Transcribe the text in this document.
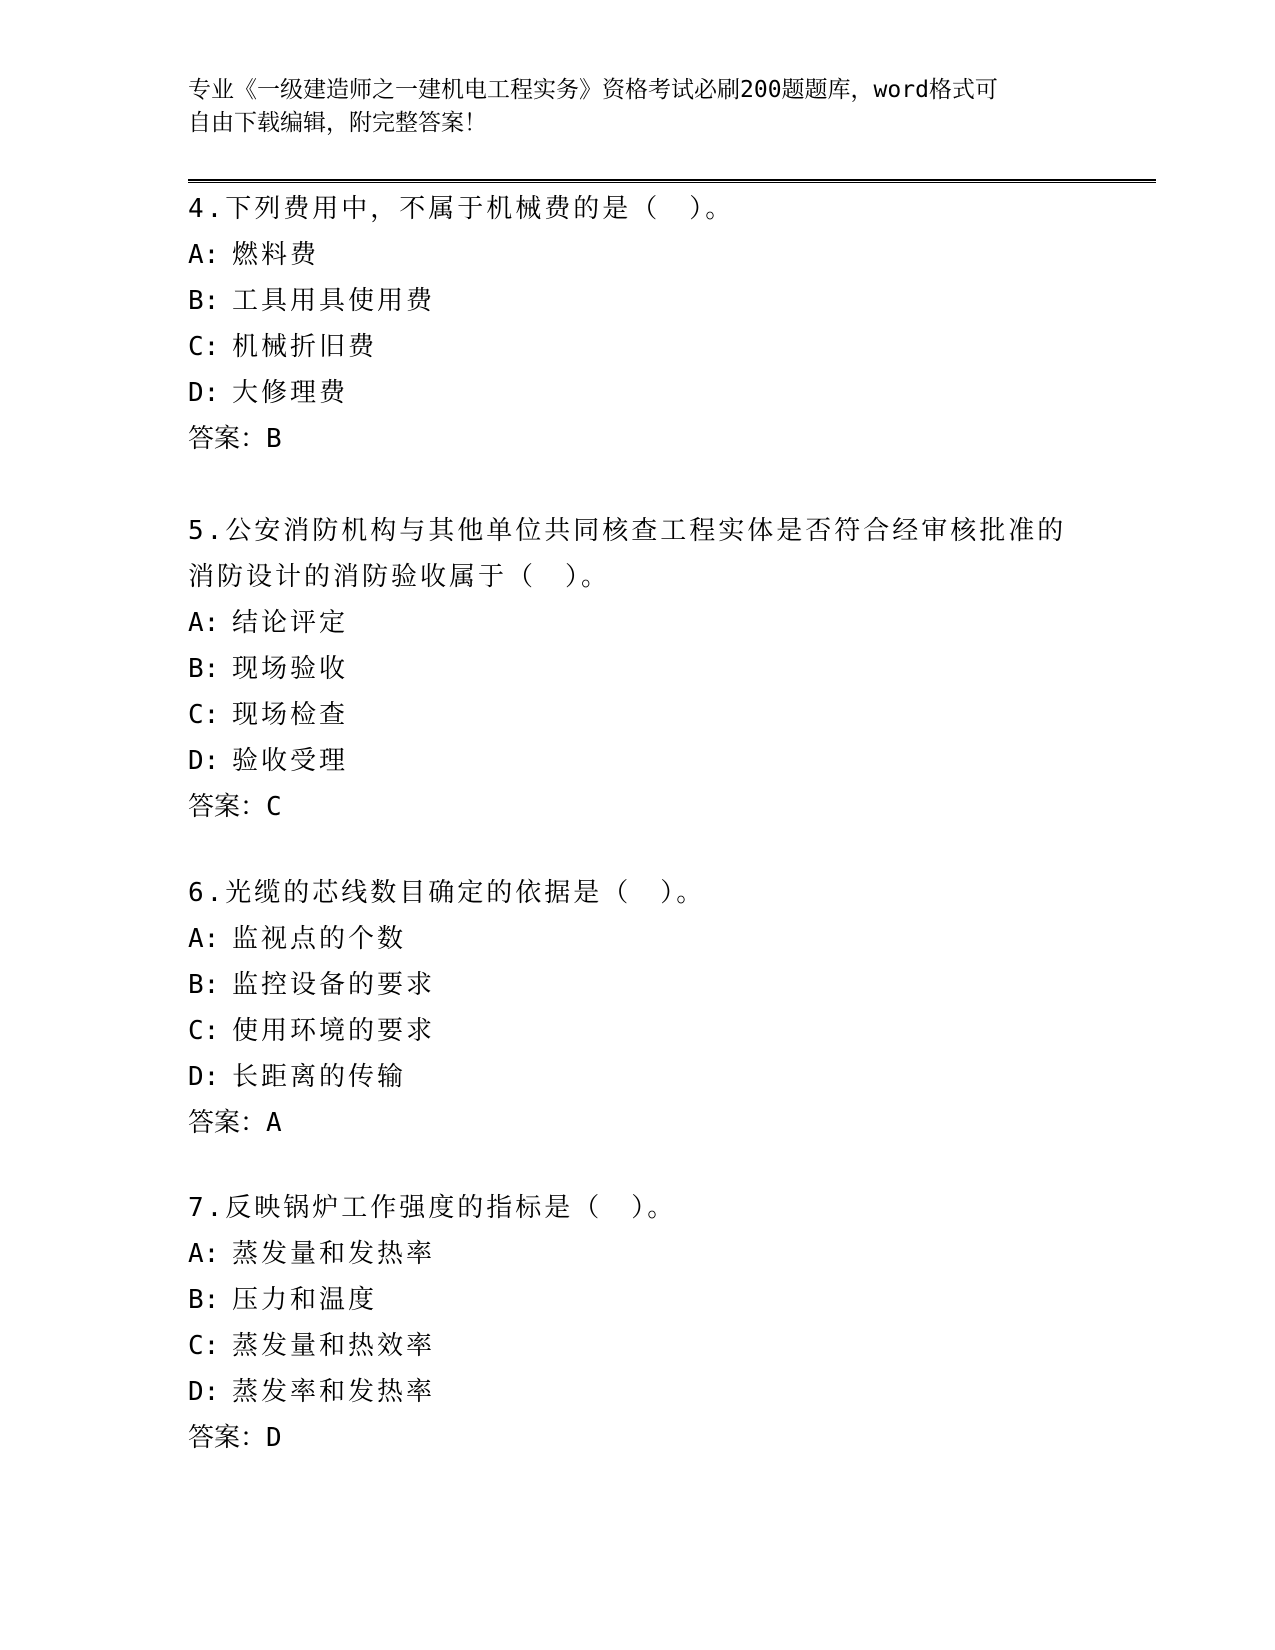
专业《一级建造师之一建机电工程实务》资格考试必刷200题题库，word格式可
自由下载编辑，附完整答案！
4.下列费用中，不属于机械费的是（　）。
A: 燃料费
B: 工具用具使用费
C: 机械折旧费
D: 大修理费
答案：B
5.公安消防机构与其他单位共同核查工程实体是否符合经审核批准的消防设计的消防验收属于（　）。
A: 结论评定
B: 现场验收
C: 现场检查
D: 验收受理
答案：C
6.光缆的芯线数目确定的依据是（　）。
A: 监视点的个数
B: 监控设备的要求
C: 使用环境的要求
D: 长距离的传输
答案：A
7.反映锅炉工作强度的指标是（　）。
A: 蒸发量和发热率
B: 压力和温度
C: 蒸发量和热效率
D: 蒸发率和发热率
答案：D
